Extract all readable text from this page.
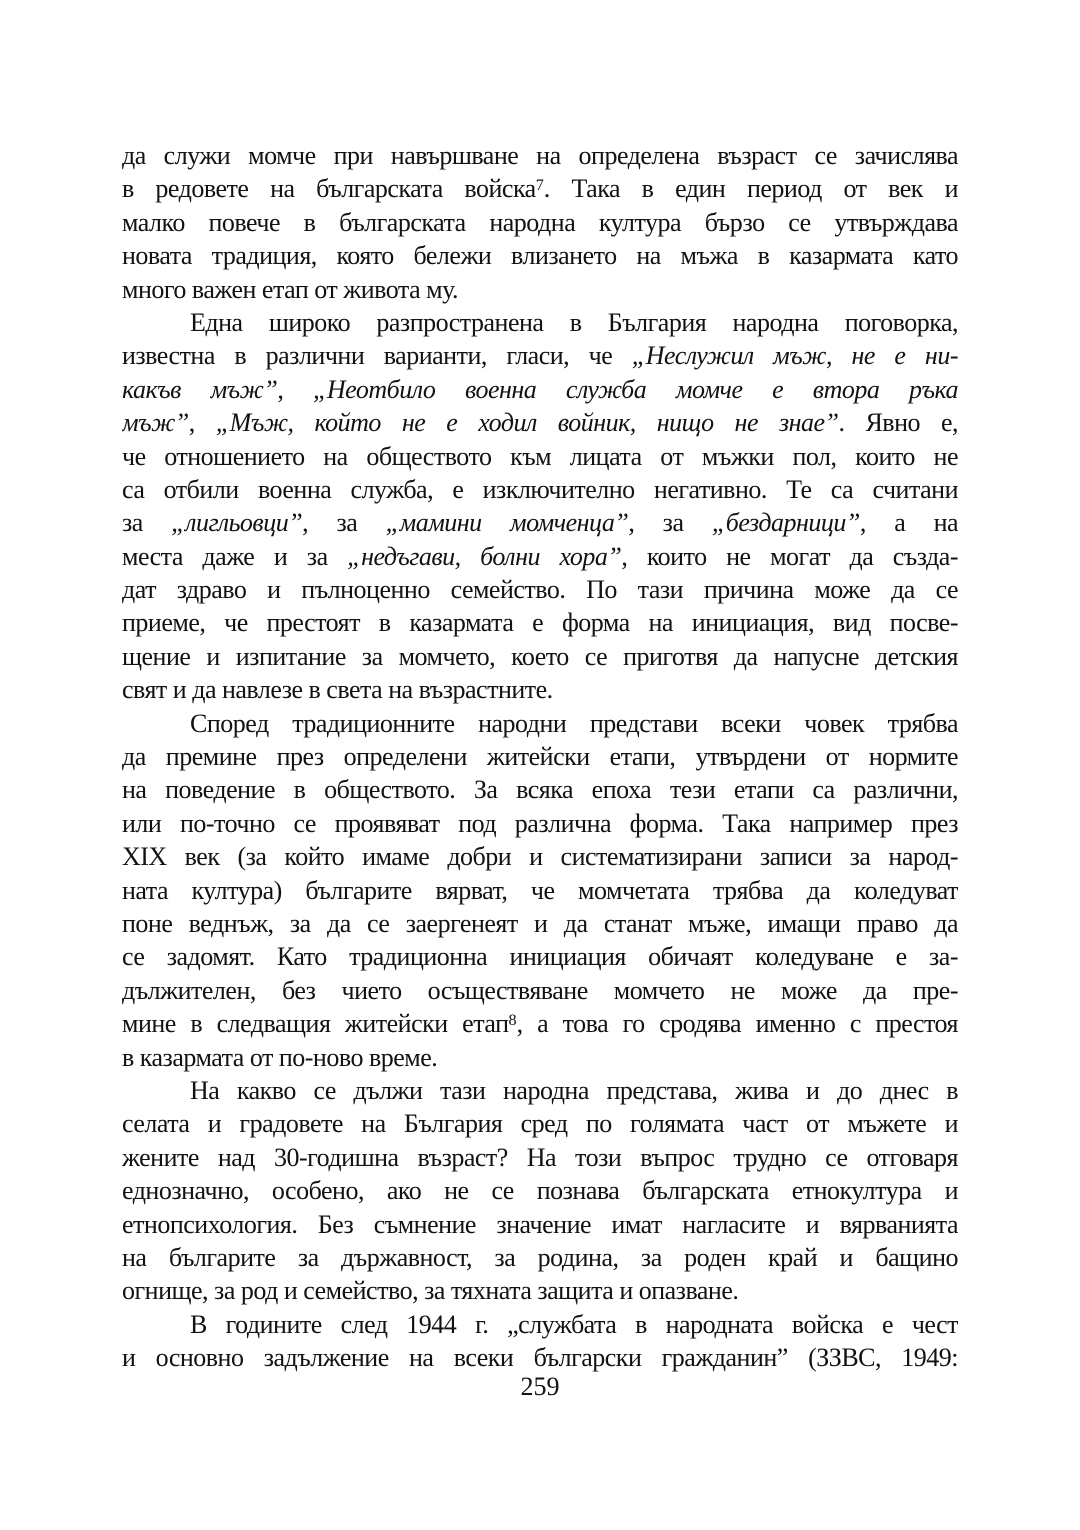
да служи момче при навършване на определена възраст се зачислява
в редовете на българската войска$^7$. Така в един период от век и
малко повече в българската народна култура бързо се утвърждава
новата традиция, която бележи влизането на мъжа в казармата като
много важен етап от живота му.
Една широко разпространена в България народна поговорка,
известна в различни варианти, гласи, че „Неслужил мъж, не е ни-
какъв мъж”, „Неотбило военна служба момче е втора ръка
мъж”, „Мъж, който не е ходил войник, нищо не знае”. Явно е,
че отношението на обществото към лицата от мъжки пол, които не
са отбили военна служба, е изключително негативно. Те са считани
за „лигльовци”, за „мамини момченца”, за „бездарници”, а на
места даже и за „недъгави, болни хора”, които не могат да създа-
дат здраво и пълноценно семейство. По тази причина може да се
приеме, че престоят в казармата е форма на инициация, вид посве-
щение и изпитание за момчето, което се приготвя да напусне детския
свят и да навлезе в света на възрастните.
Според традиционните народни представи всеки човек трябва
да премине през определени житейски етапи, утвърдени от нормите
на поведение в обществото. За всяка епоха тези етапи са различни,
или по-точно се проявяват под различна форма. Така например през
XIX век (за който имаме добри и систематизирани записи за народ-
ната култура) българите вярват, че момчетата трябва да коледуват
поне веднъж, за да се заергенеят и да станат мъже, имащи право да
се задомят. Като традиционна инициация обичаят коледуване е за-
дължителен, без чието осъществяване момчето не може да пре-
мине в следващия житейски етап$^8$, а това го сродява именно с престоя
в казармата от по-ново време.
На какво се дължи тази народна представа, жива и до днес в
селата и градовете на България сред по голямата част от мъжете и
жените над 30-годишна възраст? На този въпрос трудно се отговаря
еднозначно, особено, ако не се познава българската етнокултура и
етнопсихология. Без съмнение значение имат нагласите и вярванията
на българите за държавност, за родина, за роден край и бащино
огнище, за род и семейство, за тяхната защита и опазване.
В годините след 1944 г. „службата в народната войска е чест
и основно задължение на всеки български гражданин” (ЗЗВС, 1949:
259
